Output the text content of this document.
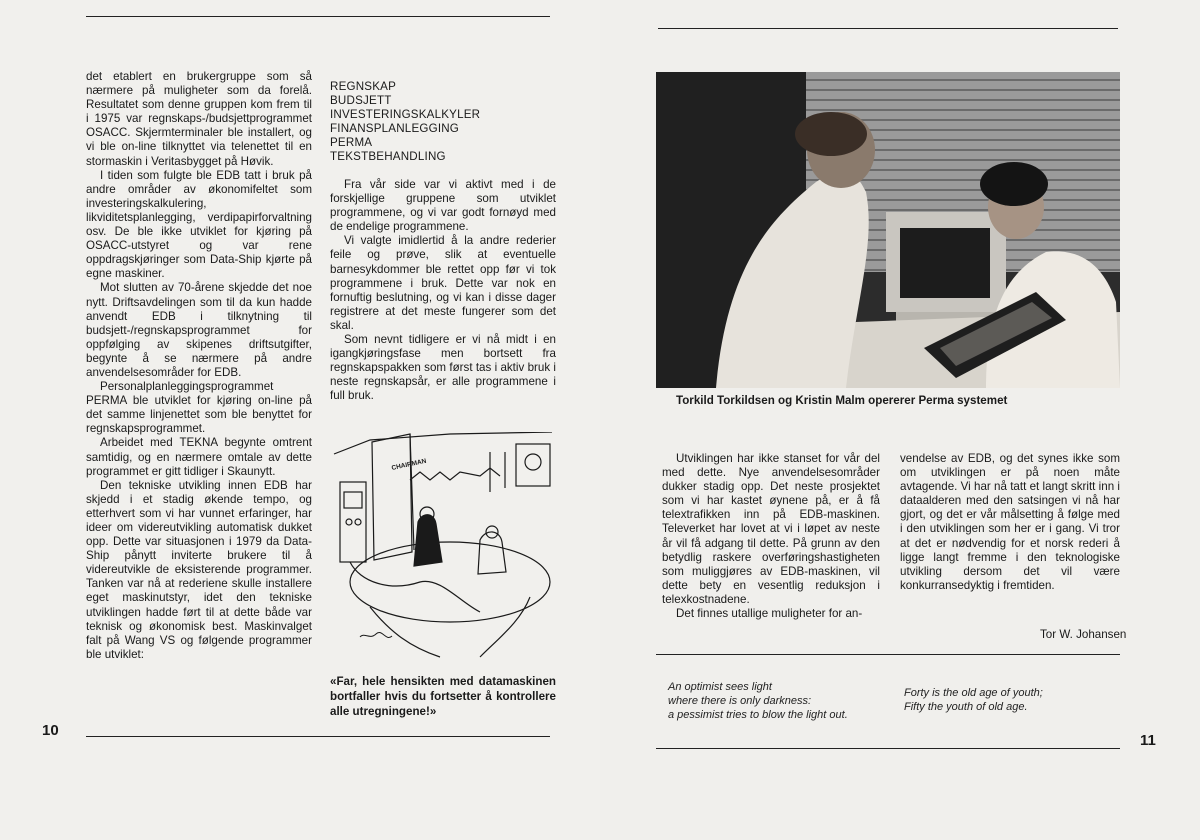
det etablert en brukergruppe som så nærmere på muligheter som da forelå. Resultatet som denne gruppen kom frem til i 1975 var regnskaps-/budsjettprogrammet OSACC. Skjermterminaler ble installert, og vi ble on-line tilknyttet via telenettet til en stormaskin i Veritasbygget på Høvik.

I tiden som fulgte ble EDB tatt i bruk på andre områder av økonomifeltet som investeringskalkulering, likviditetsplanlegging, verdipapirforvaltning osv. De ble ikke utviklet for kjøring på OSACC-utstyret og var rene oppdragskjøringer som Data-Ship kjørte på egne maskiner.

Mot slutten av 70-årene skjedde det noe nytt. Driftsavdelingen som til da kun hadde anvendt EDB i tilknytning til budsjett-/regnskapsprogrammet for oppfølging av skipenes driftsutgifter, begynte å se nærmere på andre anvendelsesområder for EDB.

Personalplanleggingsprogrammet PERMA ble utviklet for kjøring on-line på det samme linjenettet som ble benyttet for regnskapsprogrammet.

Arbeidet med TEKNA begynte omtrent samtidig, og en nærmere omtale av dette programmet er gitt tidliger i Skaunytt.

Den tekniske utvikling innen EDB har skjedd i et stadig økende tempo, og etterhvert som vi har vunnet erfaringer, har ideer om videreutvikling automatisk dukket opp. Dette var situasjonen i 1979 da Data-Ship pånytt inviterte brukere til å videreutvikle de eksisterende programmer. Tanken var nå at rederiene skulle installere eget maskinutstyr, idet den tekniske utviklingen hadde ført til at dette både var teknisk og økonomisk best. Maskinvalget falt på Wang VS og følgende programmer ble utviklet:

REGNSKAP
BUDSJETT
INVESTERINGSKALKYLER
FINANSPLANLEGGING
PERMA
TEKSTBEHANDLING

Fra vår side var vi aktivt med i de forskjellige gruppene som utviklet programmene, og vi var godt fornøyd med de endelige programmene.

Vi valgte imidlertid å la andre rederier feile og prøve, slik at eventuelle barnesykdommer ble rettet opp før vi tok programmene i bruk. Dette var nok en fornuftig beslutning, og vi kan i disse dager registrere at det meste fungerer som det skal.

Som nevnt tidligere er vi nå midt i en igangkjøringsfase men bortsett fra regnskapspakken som først tas i aktiv bruk i neste regnskapsår, er alle programmene i full bruk.

CHAIRMAN
«Far, hele hensikten med datamaskinen bortfaller hvis du fortsetter å kontrollere alle utregningene!»
10
Torkild Torkildsen og Kristin Malm opererer Perma systemet

Utviklingen har ikke stanset for vår del med dette. Nye anvendelsesområder dukker stadig opp. Det neste prosjektet som vi har kastet øynene på, er å få telextrafikken inn på EDB-maskinen. Televerket har lovet at vi i løpet av neste år vil få adgang til dette. På grunn av den betydlig raskere overføringshastigheten som muliggjøres av EDB-maskinen, vil dette bety en vesentlig reduksjon i telexkostnadene.

Det finnes utallige muligheter for an-

vendelse av EDB, og det synes ikke som om utviklingen er på noen måte avtagende. Vi har nå tatt et langt skritt inn i dataalderen med den satsingen vi nå har gjort, og det er vår målsetting å følge med i den utviklingen som her er i gang. Vi tror at det er nødvendig for et norsk rederi å ligge langt fremme i den teknologiske utvikling dersom det vil være konkurransedyktig i fremtiden.

Tor W. Johansen
An optimist sees light
where there is only darkness:
a pessimist tries to blow the light out.
Forty is the old age of youth;
Fifty the youth of old age.
11
